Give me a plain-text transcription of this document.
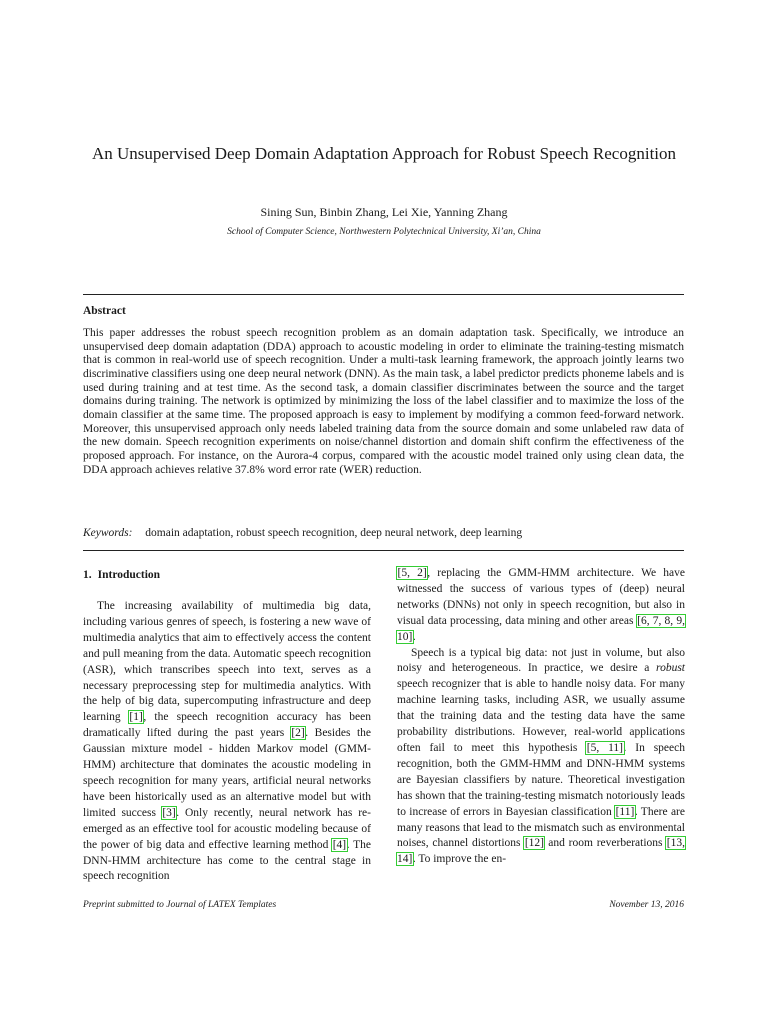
An Unsupervised Deep Domain Adaptation Approach for Robust Speech Recognition
Sining Sun, Binbin Zhang, Lei Xie, Yanning Zhang
School of Computer Science, Northwestern Polytechnical University, Xi’an, China
Abstract
This paper addresses the robust speech recognition problem as an domain adaptation task. Specifically, we introduce an unsupervised deep domain adaptation (DDA) approach to acoustic modeling in order to eliminate the training-testing mismatch that is common in real-world use of speech recognition. Under a multi-task learning framework, the approach jointly learns two discriminative classifiers using one deep neural network (DNN). As the main task, a label predictor predicts phoneme labels and is used during training and at test time. As the second task, a domain classifier discriminates between the source and the target domains during training. The network is optimized by minimizing the loss of the label classifier and to maximize the loss of the domain classifier at the same time. The proposed approach is easy to implement by modifying a common feed-forward network. Moreover, this unsupervised approach only needs labeled training data from the source domain and some unlabeled raw data of the new domain. Speech recognition experiments on noise/channel distortion and domain shift confirm the effectiveness of the proposed approach. For instance, on the Aurora-4 corpus, compared with the acoustic model trained only using clean data, the DDA approach achieves relative 37.8% word error rate (WER) reduction.
Keywords: domain adaptation, robust speech recognition, deep neural network, deep learning
1. Introduction

The increasing availability of multimedia big data, including various genres of speech, is fostering a new wave of multimedia analytics that aim to effectively access the content and pull meaning from the data. Automatic speech recognition (ASR), which transcribes speech into text, serves as a necessary preprocessing step for multimedia analytics. With the help of big data, supercomputing infrastructure and deep learning [1], the speech recognition accuracy has been dramatically lifted during the past years [2]. Besides the Gaussian mixture model - hidden Markov model (GMM-HMM) architecture that dominates the acoustic modeling in speech recognition for many years, artificial neural networks have been historically used as an alternative model but with limited success [3]. Only recently, neural network has re-emerged as an effective tool for acoustic modeling because of the power of big data and effective learning method [4]. The DNN-HMM architecture has come to the central stage in speech recognition

[5, 2], replacing the GMM-HMM architecture. We have witnessed the success of various types of (deep) neural networks (DNNs) not only in speech recognition, but also in visual data processing, data mining and other areas [6, 7, 8, 9, 10].

Speech is a typical big data: not just in volume, but also noisy and heterogeneous. In practice, we desire a robust speech recognizer that is able to handle noisy data. For many machine learning tasks, including ASR, we usually assume that the training data and the testing data have the same probability distributions. However, real-world applications often fail to meet this hypothesis [5, 11]. In speech recognition, both the GMM-HMM and DNN-HMM systems are Bayesian classifiers by nature. Theoretical investigation has shown that the training-testing mismatch notoriously leads to increase of errors in Bayesian classification [11]. There are many reasons that lead to the mismatch such as environmental noises, channel distortions [12] and room reverberations [13, 14]. To improve the en-

Preprint submitted to Journal of LATEX Templates	November 13, 2016
